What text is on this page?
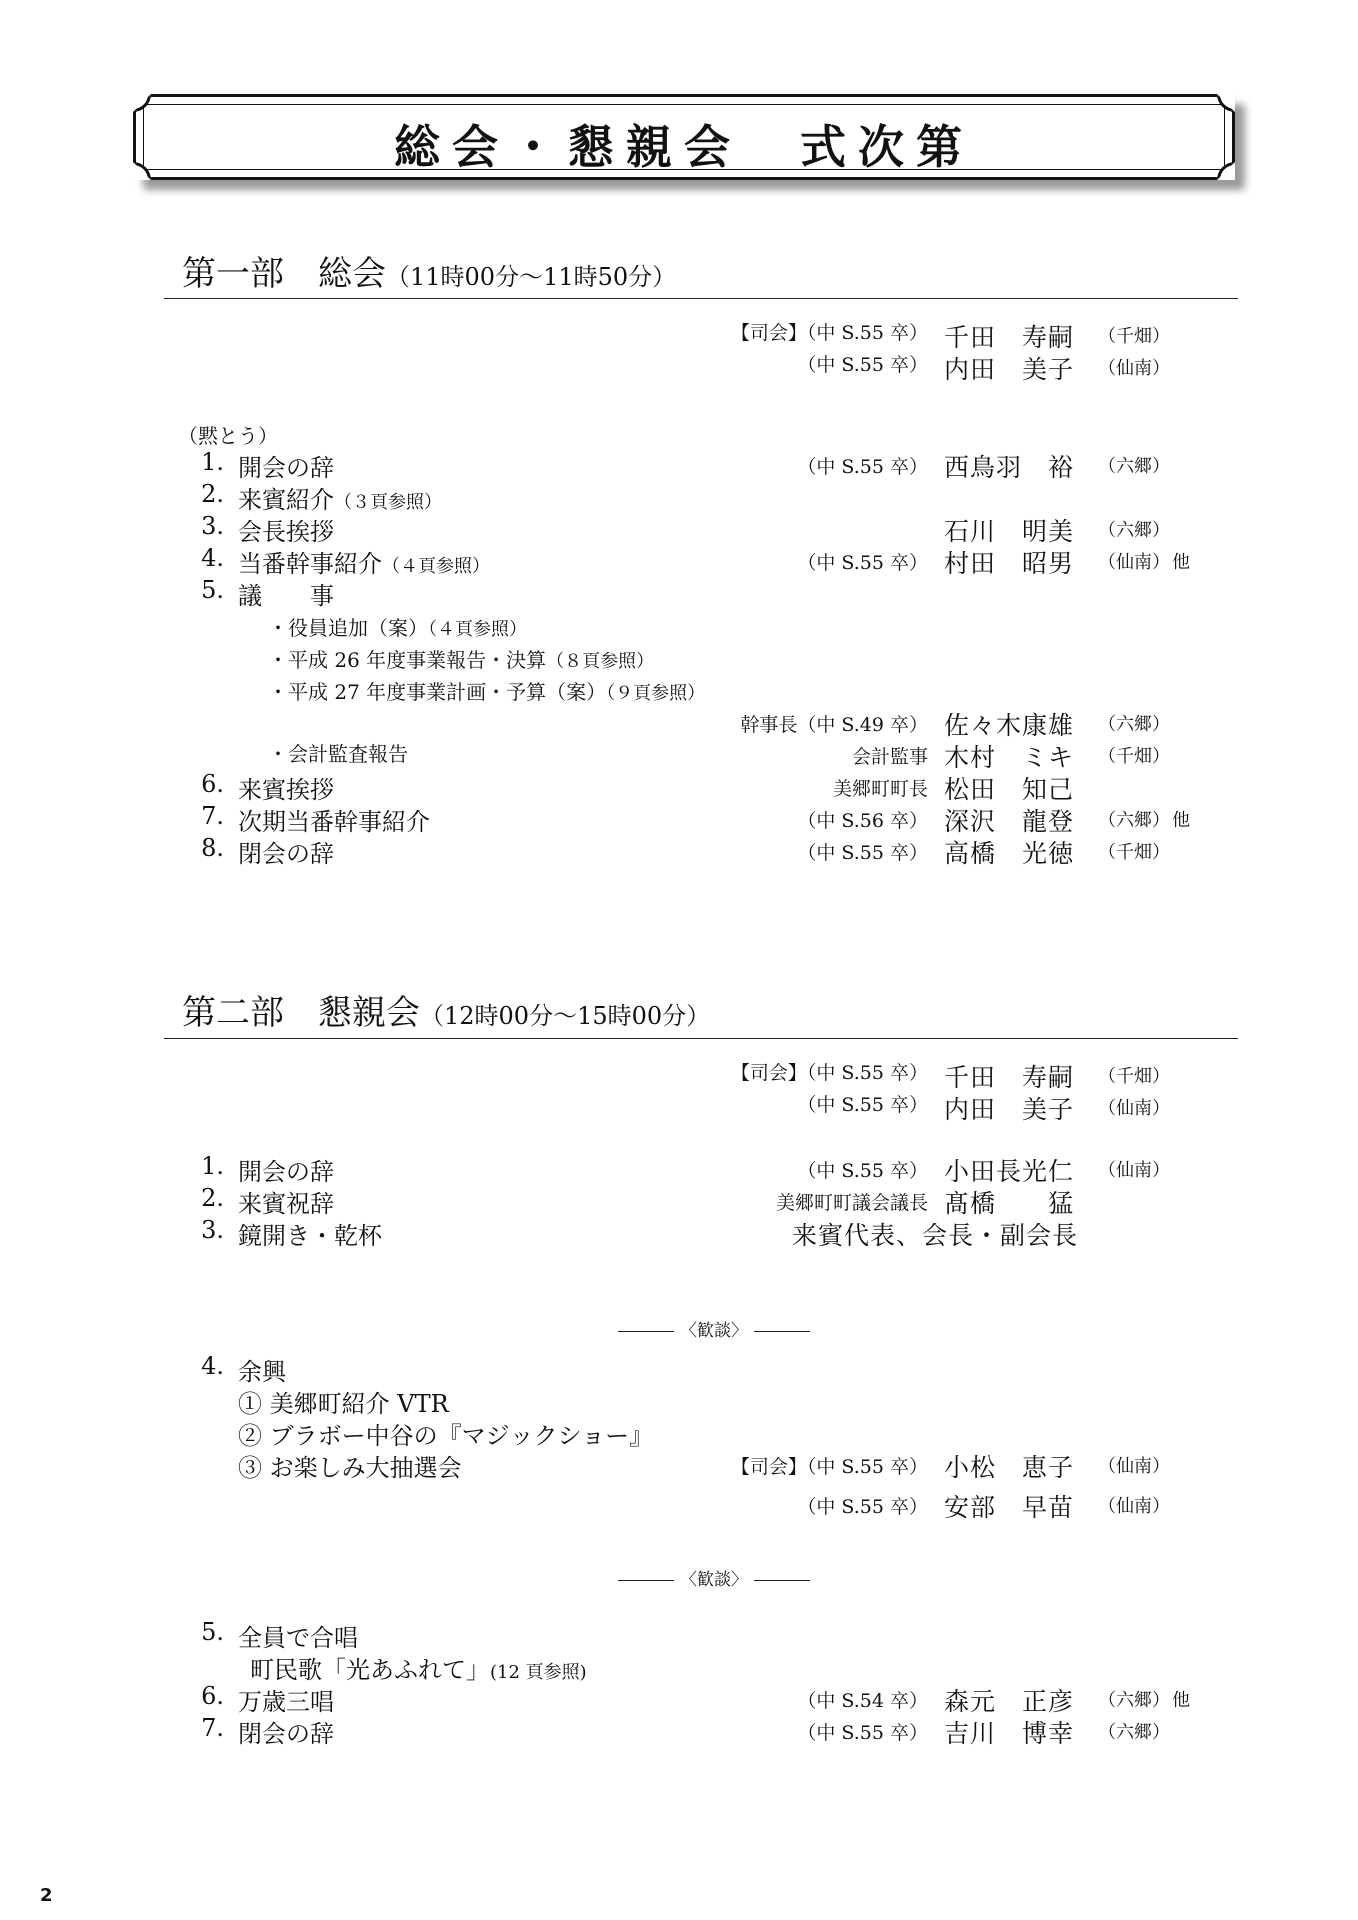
総会・懇親会　式次第
第一部　総会（11時00分〜11時50分）
【司会】（中 S.55 卒） 千田　寿嗣 （千畑）
（中 S.55 卒） 内田　美子 （仙南）
（黙とう）
1. 開会の辞	（中 S.55 卒） 西鳥羽　裕 （六郷）
2. 来賓紹介（３頁参照）
3. 会長挨拶	石川　明美 （六郷）
4. 当番幹事紹介（４頁参照）	（中 S.55 卒） 村田　昭男 （仙南） 他
5. 議　　事
・役員追加（案）（４頁参照）
・平成 26 年度事業報告・決算（８頁参照）
・平成 27 年度事業計画・予算（案）（９頁参照）
幹事長（中 S.49 卒） 佐々木康雄 （六郷）
・会計監査報告	会計監事 木村　ミキ （千畑）
6. 来賓挨拶	美郷町町長 松田　知己
7. 次期当番幹事紹介	（中 S.56 卒） 深沢　龍登 （六郷） 他
8. 閉会の辞	（中 S.55 卒） 高橋　光徳 （千畑）
第二部　懇親会（12時00分〜15時00分）
【司会】（中 S.55 卒） 千田　寿嗣 （千畑）
（中 S.55 卒） 内田　美子 （仙南）
1. 開会の辞	（中 S.55 卒） 小田長光仁 （仙南）
2. 来賓祝辞	美郷町町議会議長 髙橋　　猛
3. 鏡開き・乾杯	来賓代表、会長・副会長
〈歓談〉
4. 余興
① 美郷町紹介 VTR
② ブラボー中谷の『マジックショー』
③ お楽しみ大抽選会	【司会】（中 S.55 卒） 小松　恵子 （仙南）
（中 S.55 卒） 安部　早苗 （仙南）
〈歓談〉
5. 全員で合唱
町民歌「光あふれて」(12 頁参照)
6. 万歳三唱	（中 S.54 卒） 森元　正彦 （六郷） 他
7. 閉会の辞	（中 S.55 卒） 吉川　博幸 （六郷）
2
